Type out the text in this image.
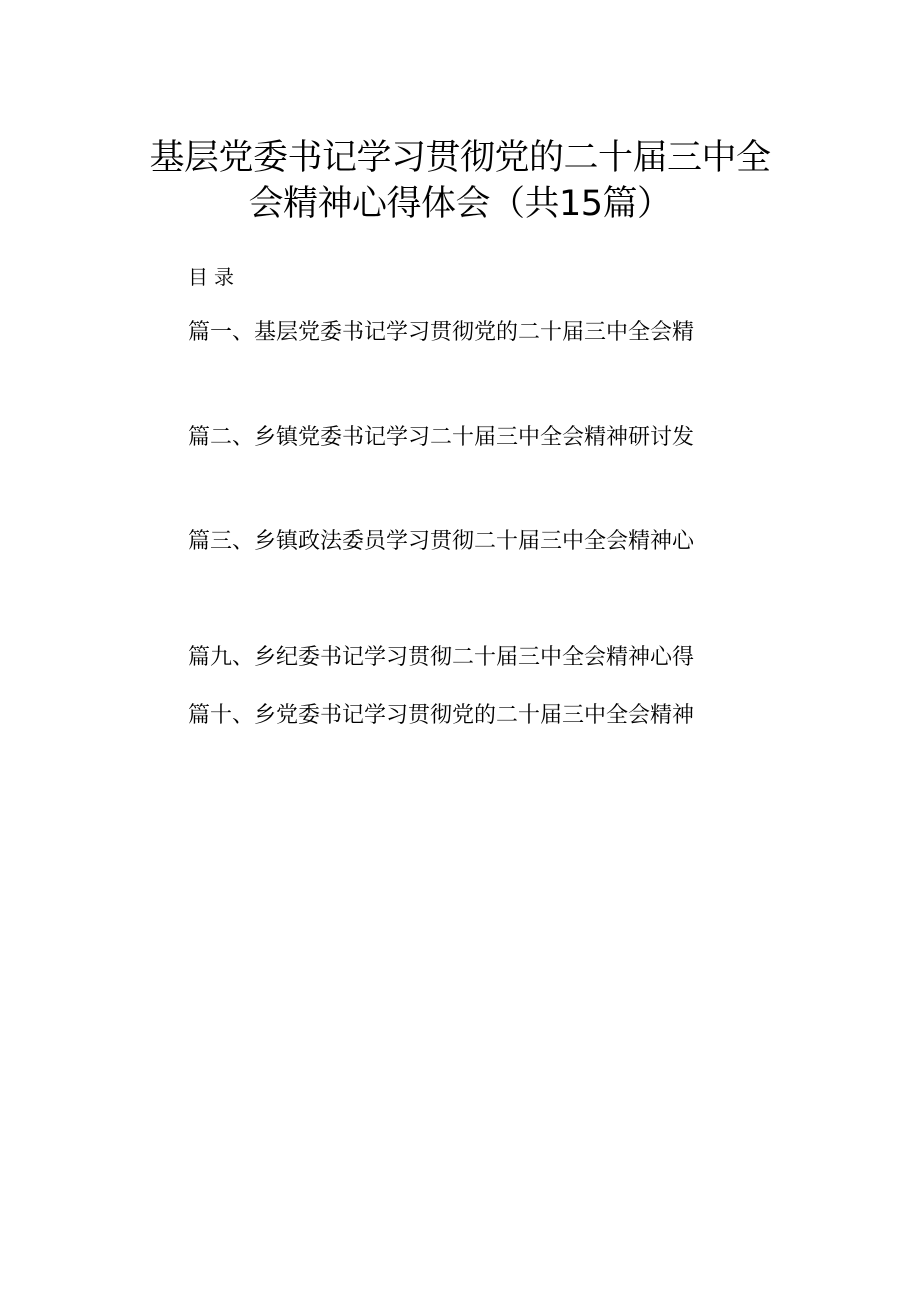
基层党委书记学习贯彻党的二十届三中全
会精神心得体会（共15篇）
目录
篇一、基层党委书记学习贯彻党的二十届三中全会精
篇二、乡镇党委书记学习二十届三中全会精神研讨发
篇三、乡镇政法委员学习贯彻二十届三中全会精神心
篇九、乡纪委书记学习贯彻二十届三中全会精神心得
篇十、乡党委书记学习贯彻党的二十届三中全会精神
